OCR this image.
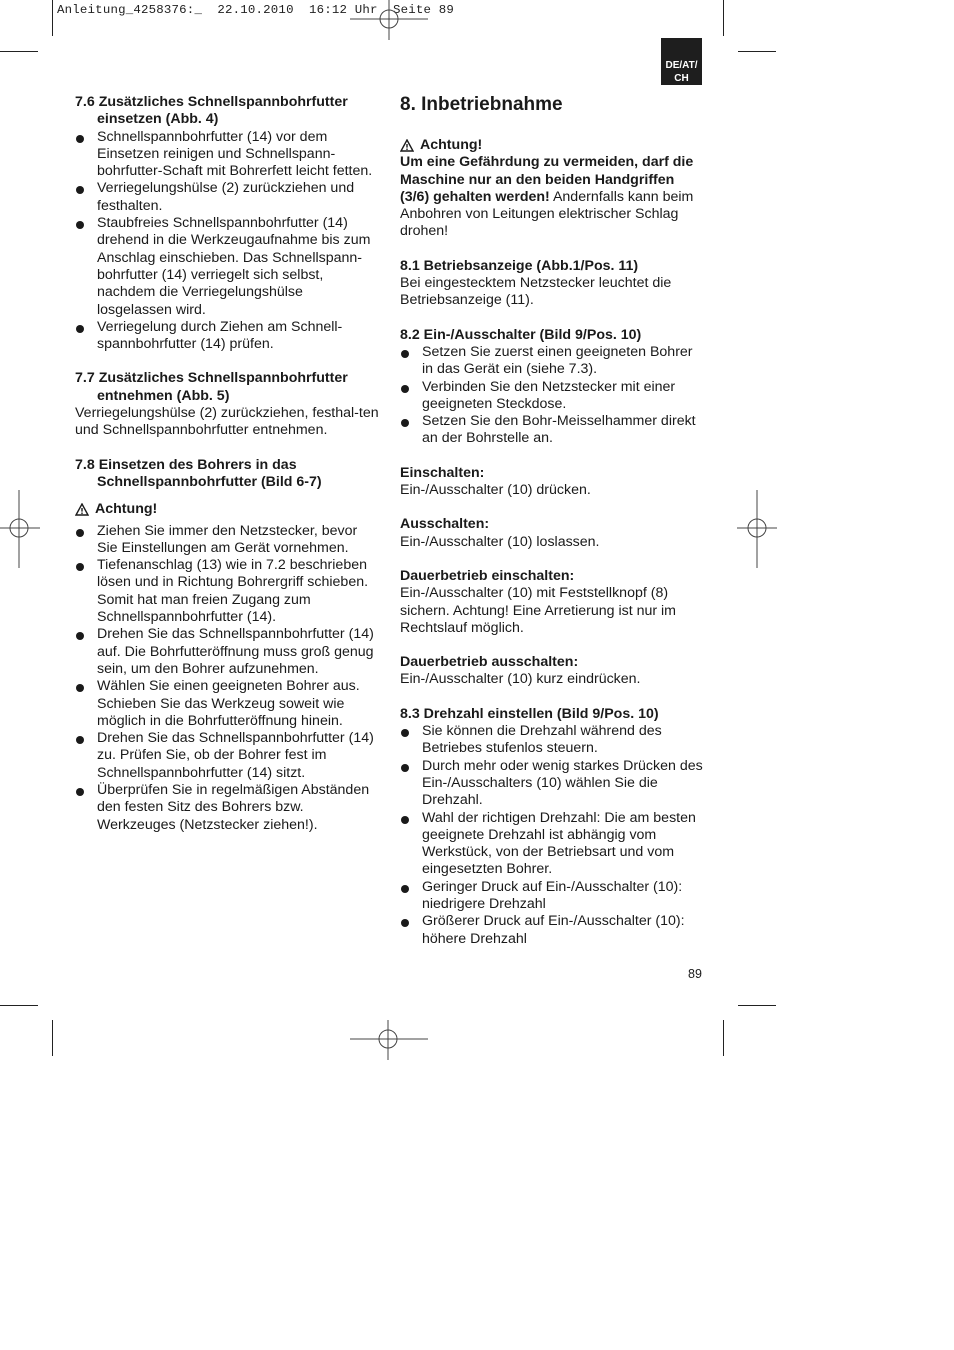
Anleitung_4258376:_  22.10.2010  16:12 Uhr  Seite 89
DE/AT/
CH
7.6 Zusätzliches Schnellspannbohrfutter
einsetzen (Abb. 4)
Schnellspannbohrfutter (14) vor dem Einsetzen reinigen und Schnellspann-bohrfutter-Schaft mit Bohrerfett leicht fetten.
Verriegelungshülse (2) zurückziehen und festhalten.
Staubfreies Schnellspannbohrfutter (14) drehend in die Werkzeugaufnahme bis zum Anschlag einschieben. Das Schnellspann-bohrfutter (14) verriegelt sich selbst, nachdem die Verriegelungshülse losgelassen wird.
Verriegelung durch Ziehen am Schnell-spannbohrfutter (14) prüfen.
7.7 Zusätzliches Schnellspannbohrfutter
entnehmen (Abb. 5)

Verriegelungshülse (2) zurückziehen, festhal-ten und Schnellspannbohrfutter entnehmen.

7.8 Einsetzen des Bohrers in das
Schnellspannbohrfutter (Bild 6-7)
Achtung!
Ziehen Sie immer den Netzstecker, bevor Sie Einstellungen am Gerät vornehmen.
Tiefenanschlag (13) wie in 7.2 beschrieben lösen und in Richtung Bohrergriff schieben. Somit hat man freien Zugang zum Schnellspannbohrfutter (14).
Drehen Sie das Schnellspannbohrfutter (14) auf. Die Bohrfutteröffnung muss groß genug sein, um den Bohrer aufzunehmen.
Wählen Sie einen geeigneten Bohrer aus. Schieben Sie das Werkzeug soweit wie möglich in die Bohrfutteröffnung hinein.
Drehen Sie das Schnellspannbohrfutter (14) zu. Prüfen Sie, ob der Bohrer fest im Schnellspannbohrfutter (14) sitzt.
Überprüfen Sie in regelmäßigen Abständen den festen Sitz des Bohrers bzw. Werkzeuges (Netzstecker ziehen!).
8. Inbetriebnahme
Achtung!

Um eine Gefährdung zu vermeiden, darf die Maschine nur an den beiden Handgriffen (3/6) gehalten werden! Andernfalls kann beim Anbohren von Leitungen elektrischer Schlag drohen!

8.1 Betriebsanzeige (Abb.1/Pos. 11)

Bei eingestecktem Netzstecker leuchtet die Betriebsanzeige (11).

8.2 Ein-/Ausschalter (Bild 9/Pos. 10)
Setzen Sie zuerst einen geeigneten Bohrer in das Gerät ein (siehe 7.3).
Verbinden Sie den Netzstecker mit einer geeigneten Steckdose.
Setzen Sie den Bohr-Meisselhammer direkt an der Bohrstelle an.
Einschalten:

Ein-/Ausschalter (10) drücken.

Ausschalten:

Ein-/Ausschalter (10) loslassen.

Dauerbetrieb einschalten:

Ein-/Ausschalter (10) mit Feststellknopf (8) sichern. Achtung! Eine Arretierung ist nur im Rechtslauf möglich.

Dauerbetrieb ausschalten:

Ein-/Ausschalter (10) kurz eindrücken.

8.3 Drehzahl einstellen (Bild 9/Pos. 10)
Sie können die Drehzahl während des Betriebes stufenlos steuern.
Durch mehr oder wenig starkes Drücken des Ein-/Ausschalters (10) wählen Sie die Drehzahl.
Wahl der richtigen Drehzahl: Die am besten geeignete Drehzahl ist abhängig vom Werkstück, von der Betriebsart und vom eingesetzten Bohrer.
Geringer Druck auf Ein-/Ausschalter (10): niedrigere Drehzahl
Größerer Druck auf Ein-/Ausschalter (10): höhere Drehzahl
89
